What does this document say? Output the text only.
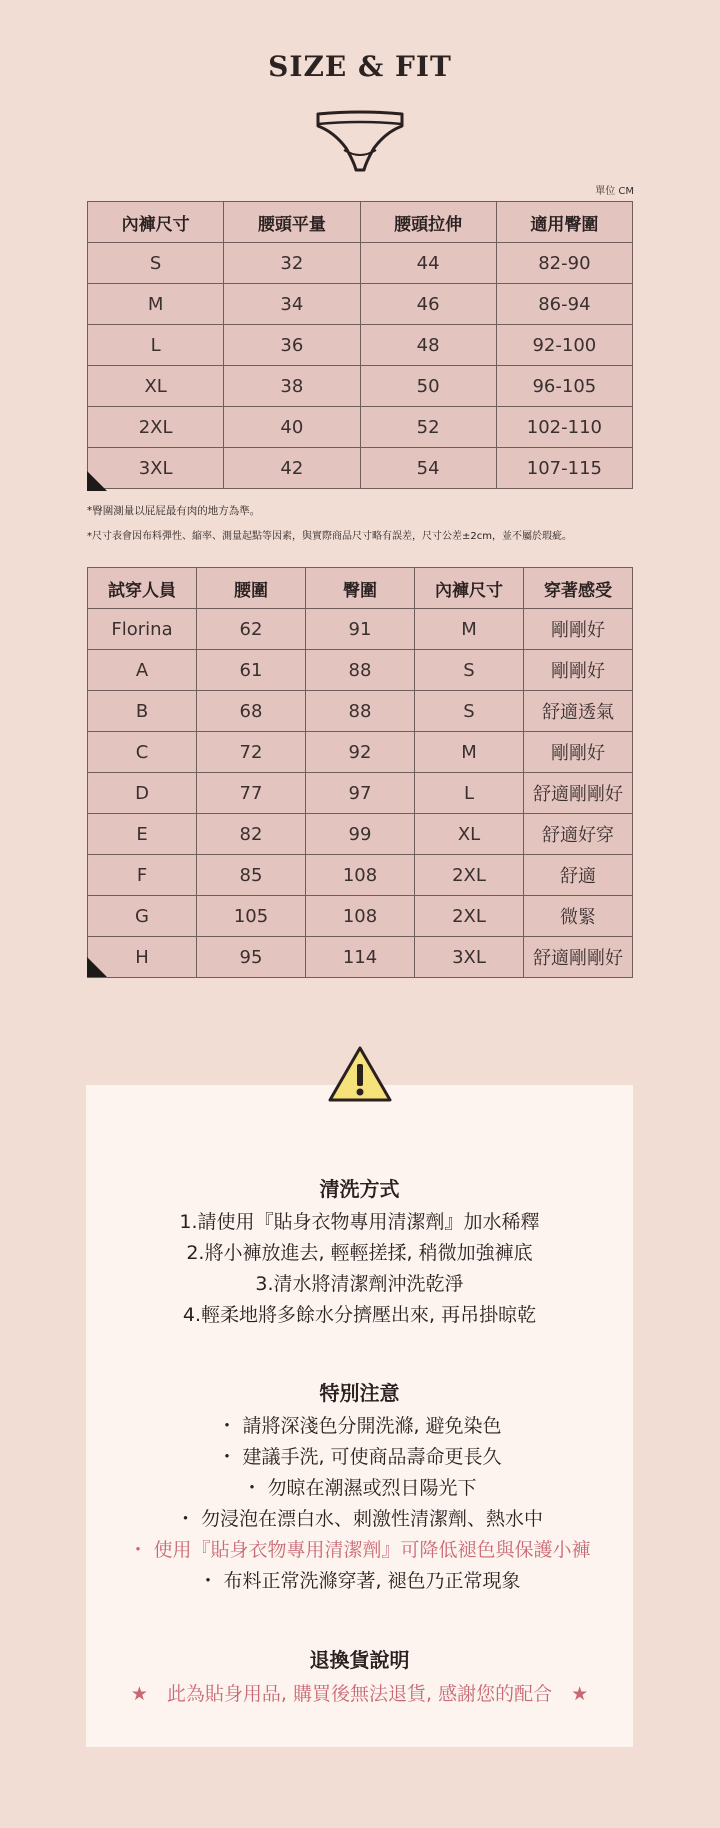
SIZE & FIT
單位 CM
內褲尺寸	腰頭平量	腰頭拉伸	適用臀圍
S	32	44	82-90
M	34	46	86-94
L	36	48	92-100
XL	38	50	96-105
2XL	40	52	102-110
3XL	42	54	107-115
*臀圍測量以屁屁最有肉的地方為準。
*尺寸表會因布料彈性、縮率、測量起點等因素，與實際商品尺寸略有誤差，尺寸公差±2cm，並不屬於瑕疵。
試穿人員	腰圍	臀圍	內褲尺寸	穿著感受
Florina	62	91	M	剛剛好
A	61	88	S	剛剛好
B	68	88	S	舒適透氣
C	72	92	M	剛剛好
D	77	97	L	舒適剛剛好
E	82	99	XL	舒適好穿
F	85	108	2XL	舒適
G	105	108	2XL	微緊
H	95	114	3XL	舒適剛剛好
清洗方式
1.請使用『貼身衣物專用清潔劑』加水稀釋
2.將小褲放進去, 輕輕搓揉, 稍微加強褲底
3.清水將清潔劑沖洗乾淨
4.輕柔地將多餘水分擠壓出來, 再吊掛晾乾
特別注意
・ 請將深淺色分開洗滌, 避免染色
・ 建議手洗, 可使商品壽命更長久
・ 勿晾在潮濕或烈日陽光下
・ 勿浸泡在漂白水、刺激性清潔劑、熱水中
・ 使用『貼身衣物專用清潔劑』可降低褪色與保護小褲
・ 布料正常洗滌穿著, 褪色乃正常現象
退換貨說明
★　此為貼身用品, 購買後無法退貨, 感謝您的配合　★
